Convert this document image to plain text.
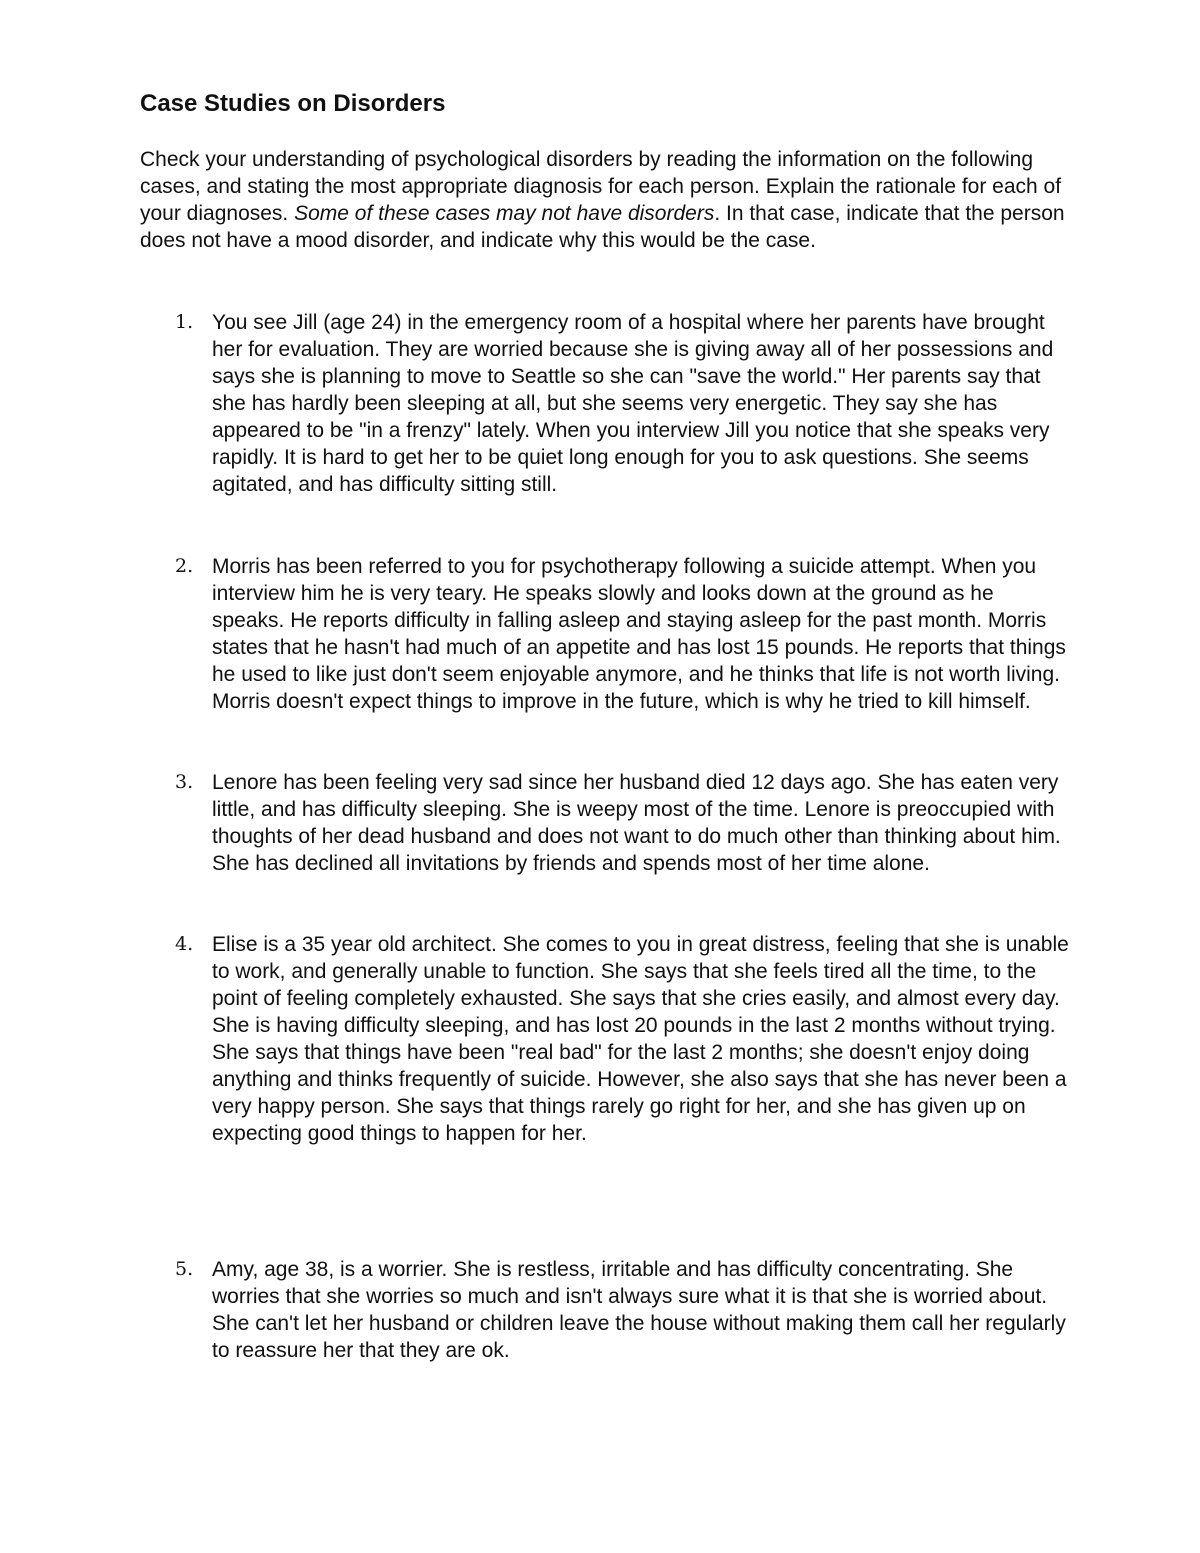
Case Studies on Disorders

Check your understanding of psychological disorders by reading the information on the following cases, and stating the most appropriate diagnosis for each person. Explain the rationale for each of your diagnoses. Some of these cases may not have disorders. In that case, indicate that the person does not have a mood disorder, and indicate why this would be the case.

1. You see Jill (age 24) in the emergency room of a hospital where her parents have brought her for evaluation. They are worried because she is giving away all of her possessions and says she is planning to move to Seattle so she can "save the world." Her parents say that she has hardly been sleeping at all, but she seems very energetic. They say she has appeared to be "in a frenzy" lately. When you interview Jill you notice that she speaks very rapidly. It is hard to get her to be quiet long enough for you to ask questions. She seems agitated, and has difficulty sitting still.

2. Morris has been referred to you for psychotherapy following a suicide attempt. When you interview him he is very teary. He speaks slowly and looks down at the ground as he speaks. He reports difficulty in falling asleep and staying asleep for the past month. Morris states that he hasn't had much of an appetite and has lost 15 pounds. He reports that things he used to like just don't seem enjoyable anymore, and he thinks that life is not worth living. Morris doesn't expect things to improve in the future, which is why he tried to kill himself.

3. Lenore has been feeling very sad since her husband died 12 days ago. She has eaten very little, and has difficulty sleeping. She is weepy most of the time. Lenore is preoccupied with thoughts of her dead husband and does not want to do much other than thinking about him. She has declined all invitations by friends and spends most of her time alone.

4. Elise is a 35 year old architect. She comes to you in great distress, feeling that she is unable to work, and generally unable to function. She says that she feels tired all the time, to the point of feeling completely exhausted. She says that she cries easily, and almost every day. She is having difficulty sleeping, and has lost 20 pounds in the last 2 months without trying. She says that things have been "real bad" for the last 2 months; she doesn't enjoy doing anything and thinks frequently of suicide. However, she also says that she has never been a very happy person. She says that things rarely go right for her, and she has given up on expecting good things to happen for her.

5. Amy, age 38, is a worrier. She is restless, irritable and has difficulty concentrating. She worries that she worries so much and isn't always sure what it is that she is worried about. She can't let her husband or children leave the house without making them call her regularly to reassure her that they are ok.
